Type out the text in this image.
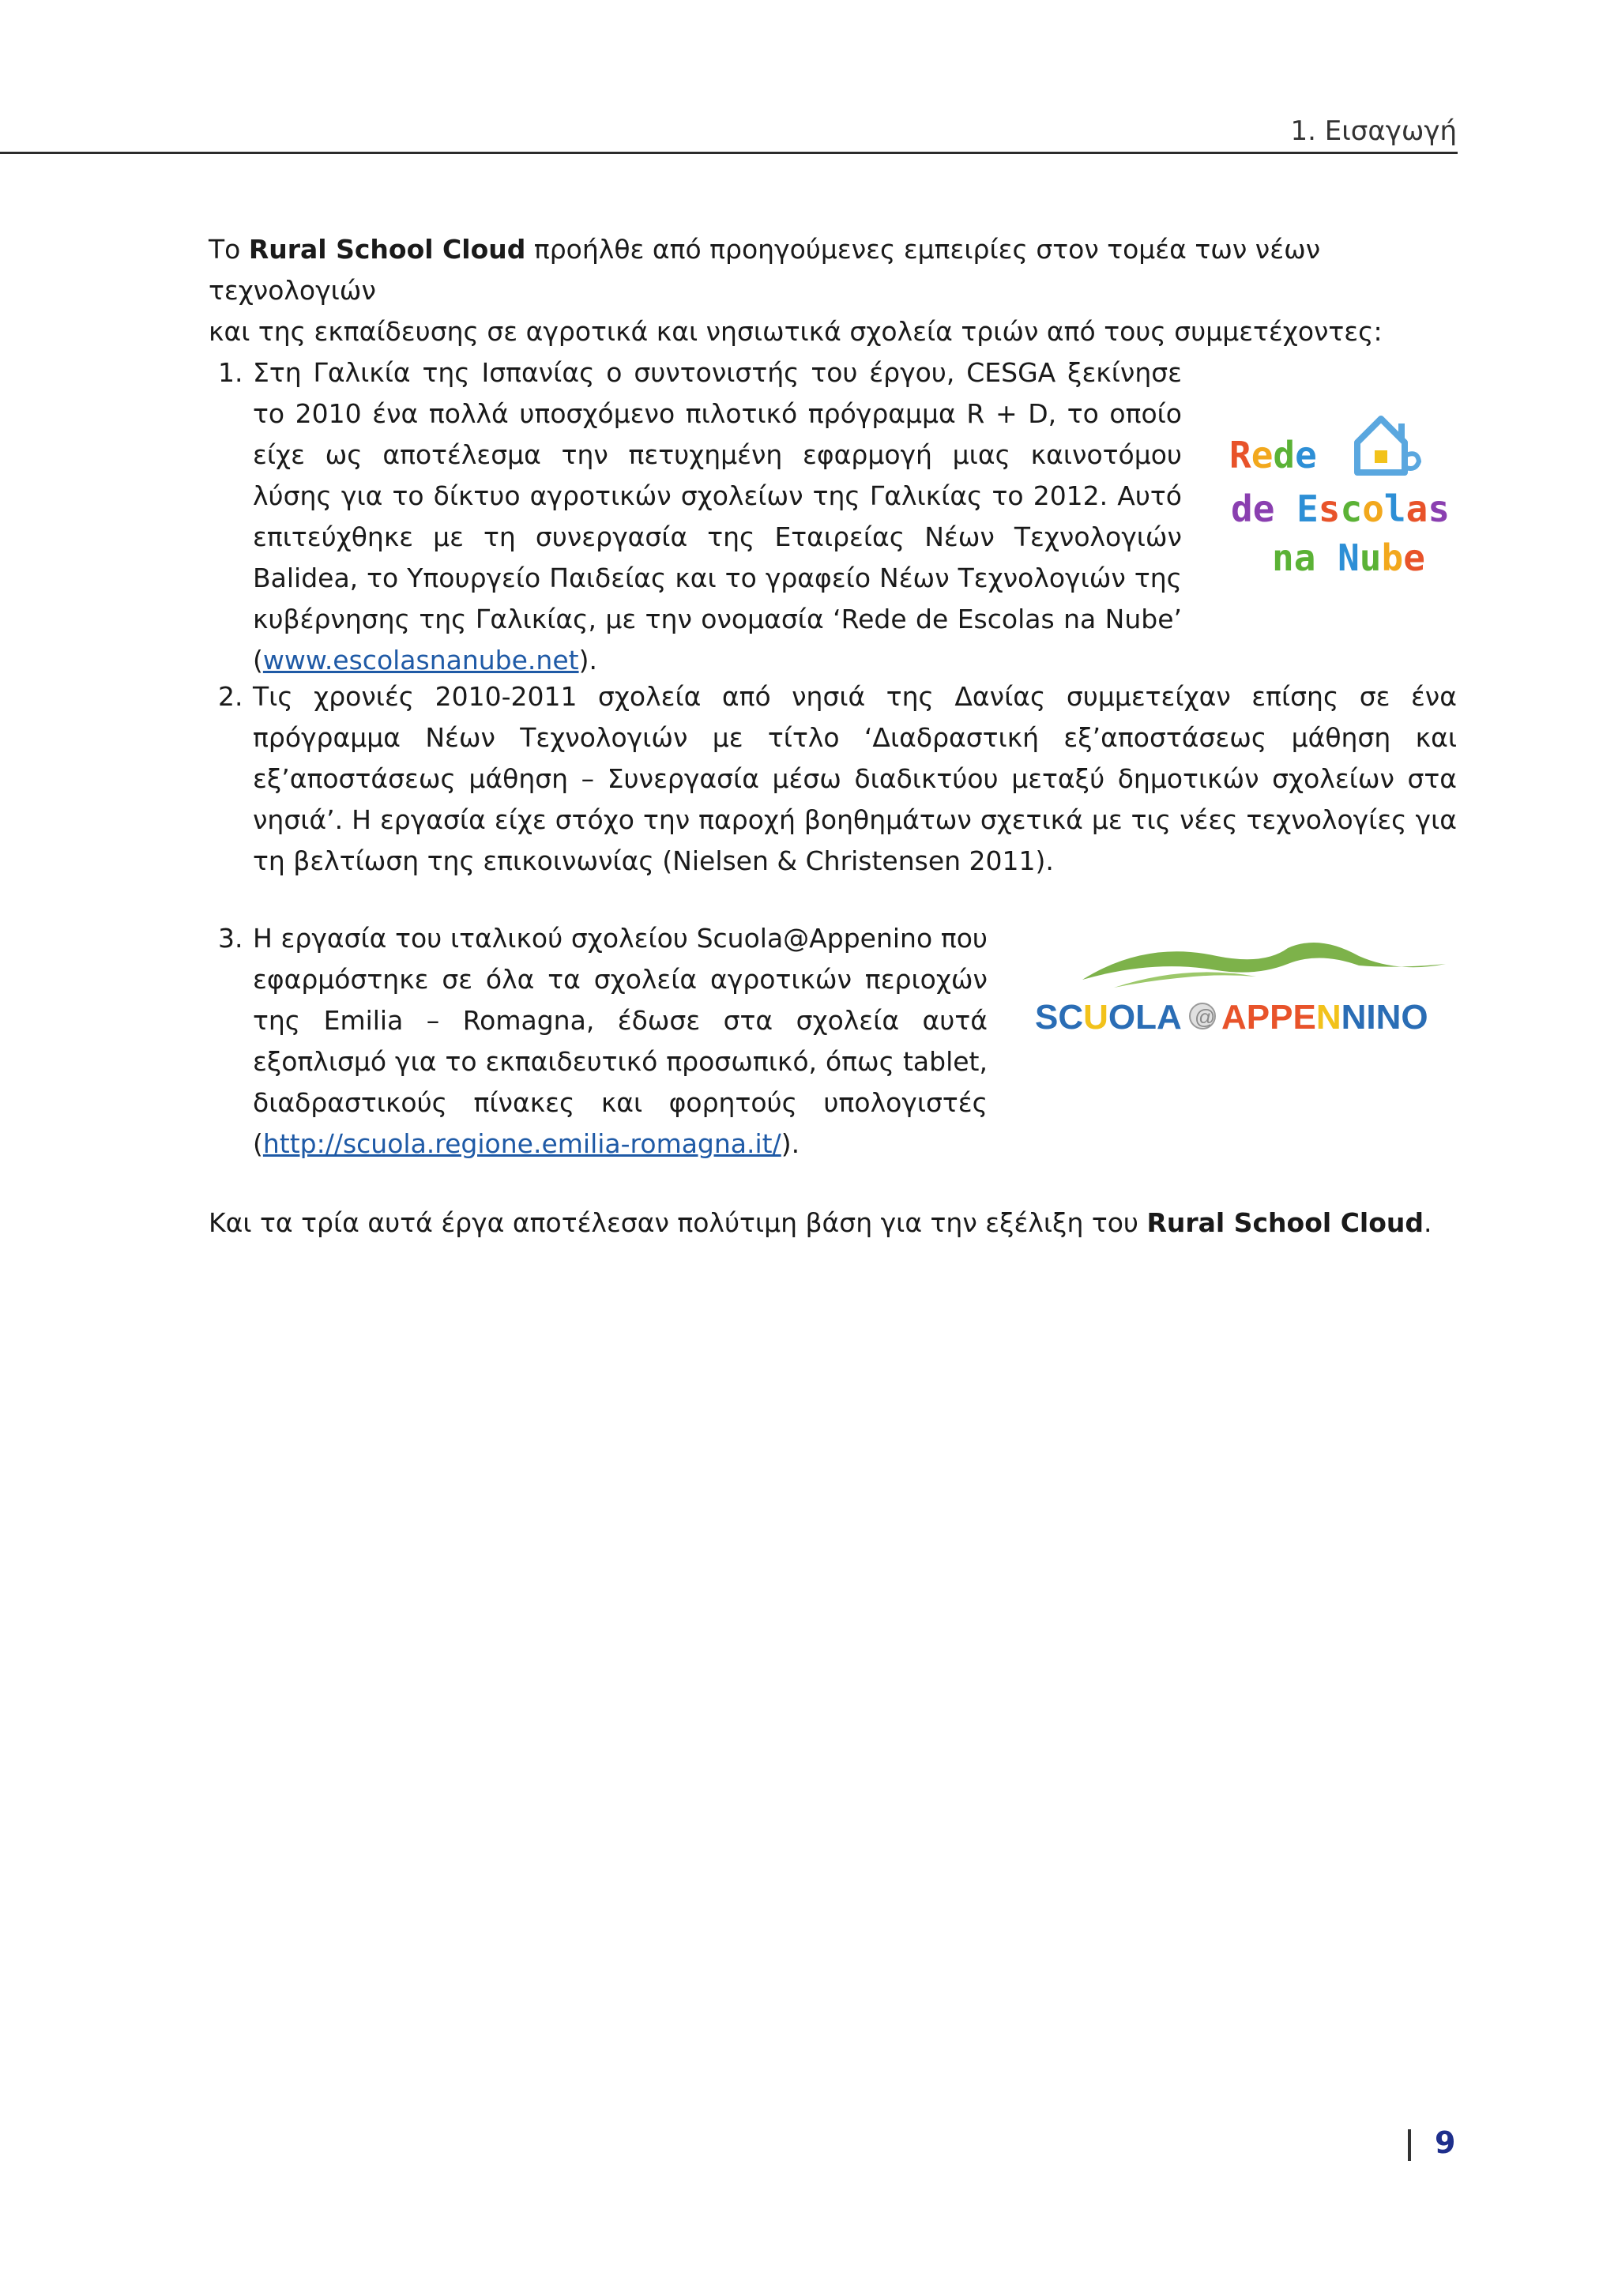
1. Εισαγωγή
Το Rural School Cloud προήλθε από προηγούμενες εμπειρίες στον τομέα των νέων τεχνολογιών
και της εκπαίδευσης σε αγροτικά και νησιωτικά σχολεία τριών από τους συμμετέχοντες:
1. Στη Γαλικία της Ισπανίας ο συντονιστής του έργου, CESGA ξεκίνησε το 2010 ένα πολλά υποσχόμενο πιλοτικό πρόγραμμα R + D, το οποίο είχε ως αποτέλεσμα την πετυχημένη εφαρμογή μιας καινοτόμου λύσης για το δίκτυο αγροτικών σχολείων της Γαλικίας το 2012. Αυτό επιτεύχθηκε με τη συνεργασία της Εταιρείας Νέων Τεχνολογιών Balidea, το Υπουργείο Παιδείας και το γραφείο Νέων Τεχνολογιών της κυβέρνησης της Γαλικίας, με την ονομασία ‘Rede de Escolas na Nube’ (www.escolasnanube.net).
Rede
de Escolas
na Nube
2. Τις χρονιές 2010-2011 σχολεία από νησιά της Δανίας συμμετείχαν επίσης σε ένα πρόγραμμα Νέων Τεχνολογιών με τίτλο ‘Διαδραστική εξ’αποστάσεως μάθηση και εξ’αποστάσεως μάθηση – Συνεργασία μέσω διαδικτύου μεταξύ δημοτικών σχολείων στα νησιά’. Η εργασία είχε στόχο την παροχή βοηθημάτων σχετικά με τις νέες τεχνολογίες για τη βελτίωση της επικοινωνίας (Nielsen & Christensen 2011).
3. Η εργασία του ιταλικού σχολείου Scuola@Appenino που εφαρμόστηκε σε όλα τα σχολεία αγροτικών περιοχών της Emilia – Romagna, έδωσε στα σχολεία αυτά εξοπλισμό για το εκπαιδευτικό προσωπικό, όπως tablet, διαδραστικούς πίνακες και φορητούς υπολογιστές (http://scuola.regione.emilia-romagna.it/).
SCUOLA @ APPENNINO
Και τα τρία αυτά έργα αποτέλεσαν πολύτιμη βάση για την εξέλιξη του Rural School Cloud.
9
